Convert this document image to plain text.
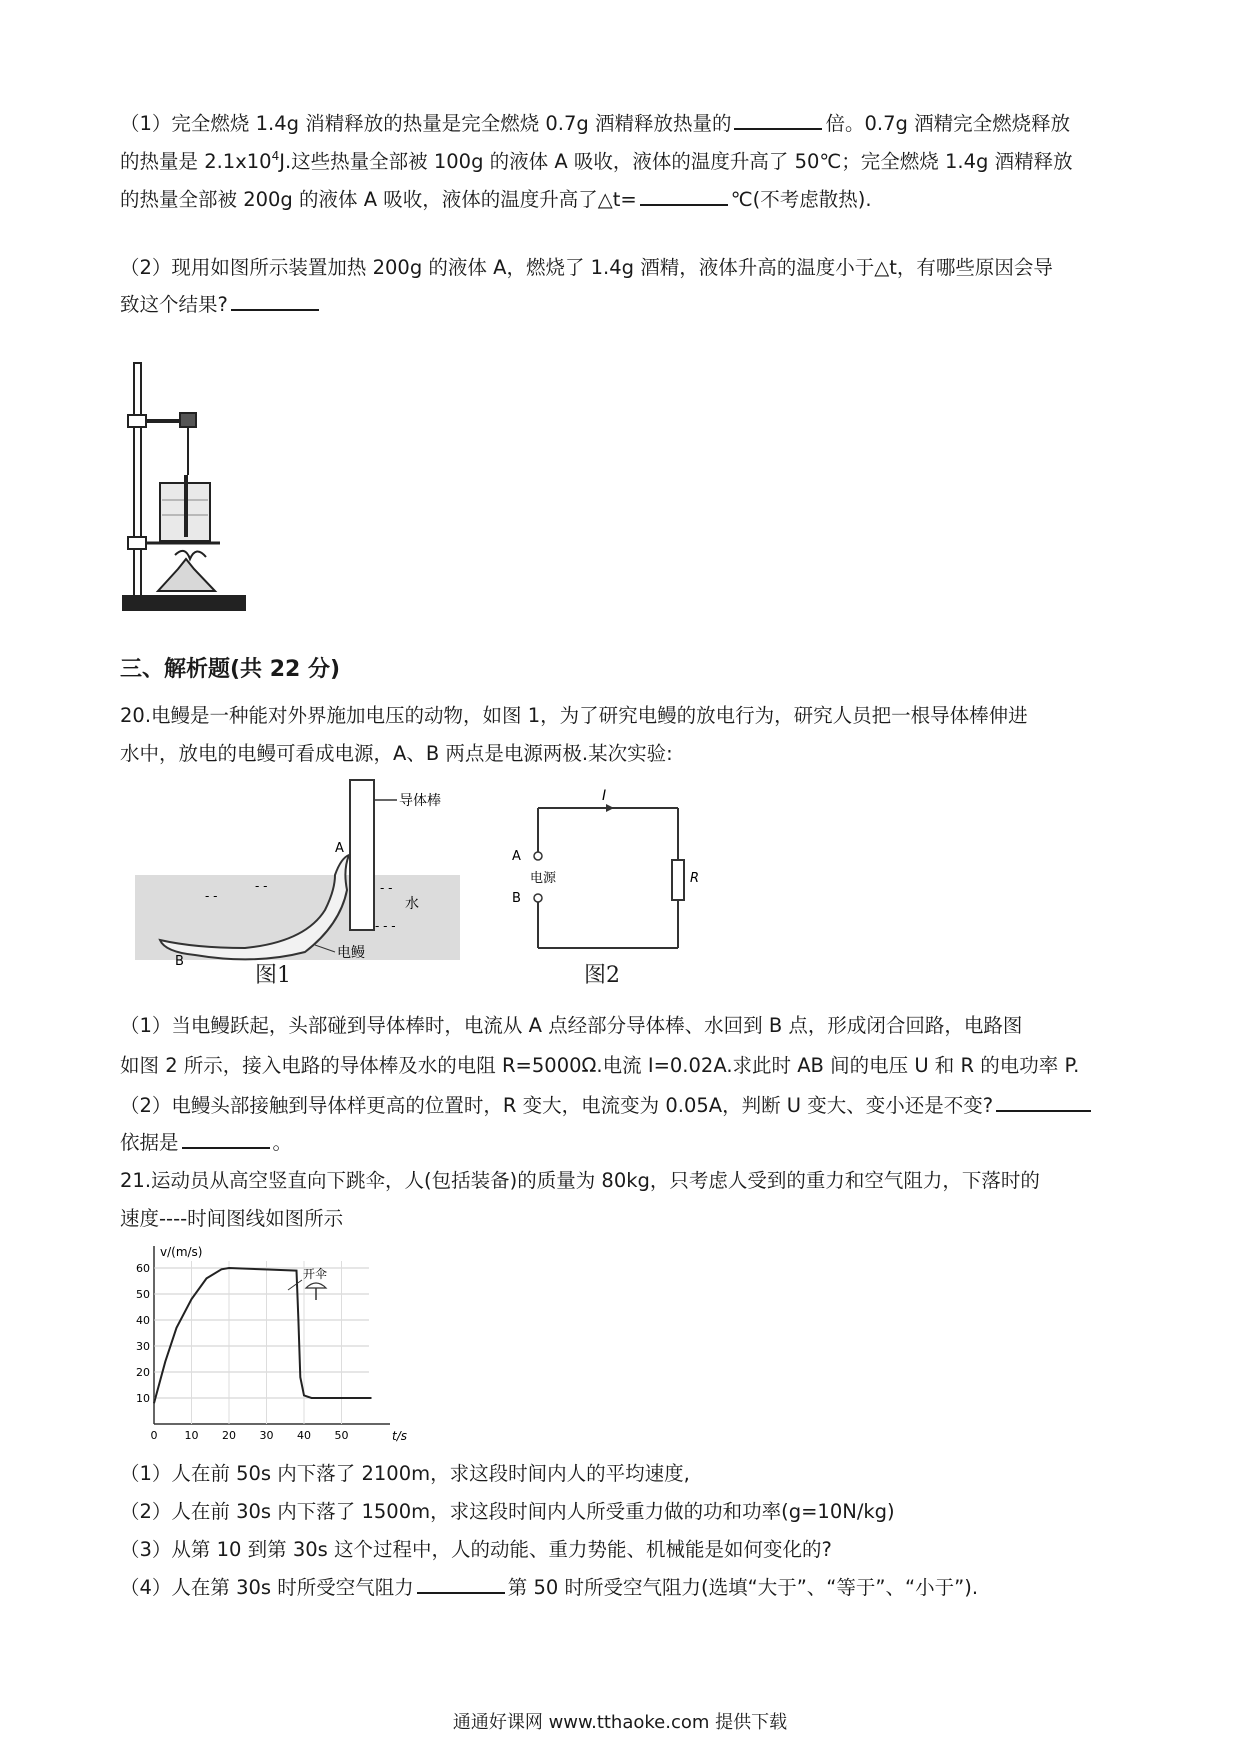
（1）完全燃烧 1.4g 消精释放的热量是完全燃烧 0.7g 酒精释放热量的	倍。0.7g 酒精完全燃烧释放
的热量是 $2.1x10^4J$.这些热量全部被 100g 的液体 A 吸收，液体的温度升高了 50℃；完全燃烧 1.4g 酒精释放
的热量全部被 200g 的液体 A 吸收，液体的温度升高了△t=	℃(不考虑散热).
（2）现用如图所示装置加热 200g 的液体 A，燃烧了 1.4g 酒精，液体升高的温度小于△t，有哪些原因会导
致这个结果?
三、解析题(共 22 分)
20.电鳗是一种能对外界施加电压的动物，如图 1，为了研究电鳗的放电行为，研究人员把一根导体棒伸进
水中，放电的电鳗可看成电源，A、B 两点是电源两极.某次实验:
导体棒
A
B
水
电鳗
- -
- -	- -
- - -
图1
I
A
B
电源	R
图2
（1）当电鳗跃起，头部碰到导体棒时，电流从 A 点经部分导体棒、水回到 B 点，形成闭合回路，电路图
如图 2 所示，接入电路的导体棒及水的电阻 R=5000Ω.电流 I=0.02A.求此时 AB 间的电压 U 和 R 的电功率 P.
（2）电鳗头部接触到导体样更高的位置时，R 变大，电流变为 0.05A，判断 U 变大、变小还是不变?
依据是	。
21.运动员从高空竖直向下跳伞，人(包括装备)的质量为 80kg，只考虑人受到的重力和空气阻力，下落时的
速度----时间图线如图所示
v/(m/s)
t/s
10
20
30
40
50
60
0 10 20 30 40 50
开伞
（1）人在前 50s 内下落了 2100m，求这段时间内人的平均速度,
（2）人在前 30s 内下落了 1500m，求这段时间内人所受重力做的功和功率(g=10N/kg)
（3）从第 10 到第 30s 这个过程中，人的动能、重力势能、机械能是如何变化的?
（4）人在第 30s 时所受空气阻力	第 50 时所受空气阻力(选填“大于”、“等于”、“小于”).
通通好课网 www.tthaoke.com 提供下载
